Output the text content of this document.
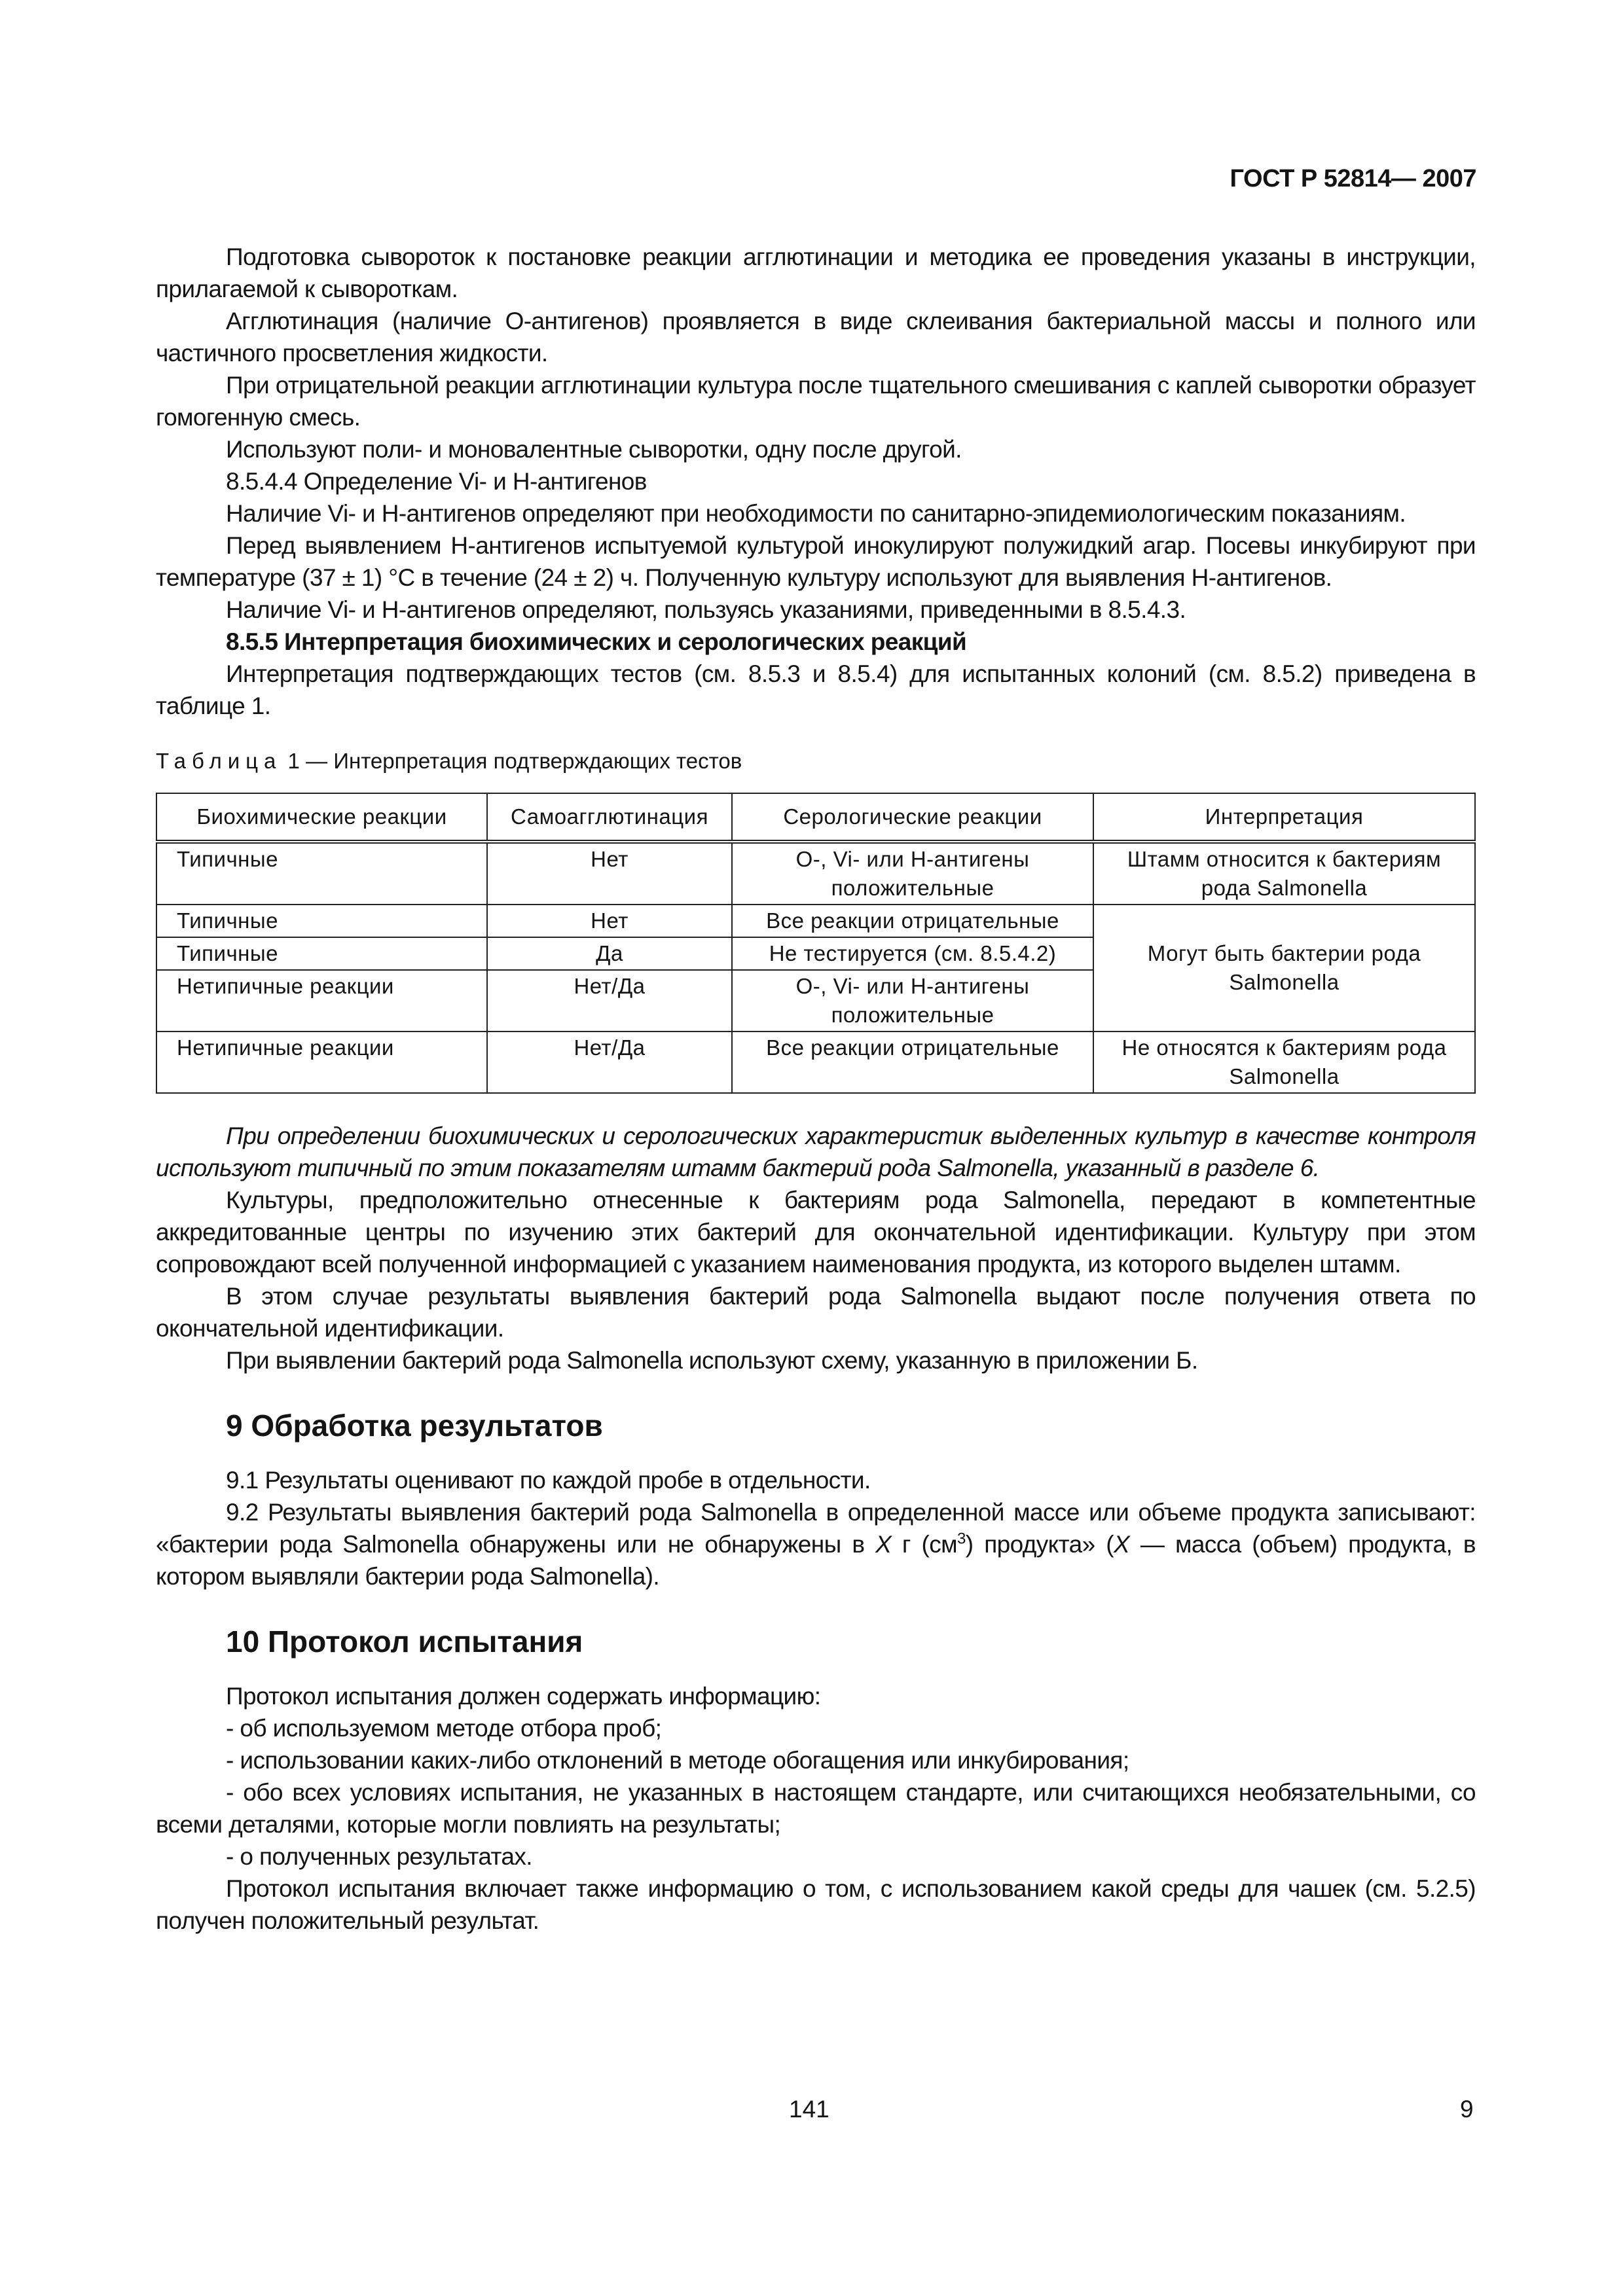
ГОСТ Р 52814— 2007

Подготовка сывороток к постановке реакции агглютинации и методика ее проведения указаны в инструкции, прилагаемой к сывороткам.

Агглютинация (наличие О-антигенов) проявляется в виде склеивания бактериальной массы и полного или частичного просветления жидкости.

При отрицательной реакции агглютинации культура после тщательного смешивания с каплей сыворотки образует гомогенную смесь.

Используют поли- и моновалентные сыворотки, одну после другой.

8.5.4.4 Определение Vi- и Н-антигенов

Наличие Vi- и Н-антигенов определяют при необходимости по санитарно-эпидемиологическим показаниям.

Перед выявлением Н-антигенов испытуемой культурой инокулируют полужидкий агар. Посевы инкубируют при температуре (37 ± 1) °С в течение (24 ± 2) ч. Полученную культуру используют для выявления Н-антигенов.

Наличие Vi- и Н-антигенов определяют, пользуясь указаниями, приведенными в 8.5.4.3.

8.5.5 Интерпретация биохимических и серологических реакций

Интерпретация подтверждающих тестов (см. 8.5.3 и 8.5.4) для испытанных колоний (см. 8.5.2) приведена в таблице 1.

Таблица 1 — Интерпретация подтверждающих тестов

Биохимические реакции	Самоагглютинация	Серологические реакции	Интерпретация
Типичные	Нет	О-, Vi- или Н-антигены положительные	Штамм относится к бактериям рода Salmonella
Типичные	Нет	Все реакции отрицательные	Могут быть бактерии рода Salmonella
Типичные	Да	Не тестируется (см. 8.5.4.2)	
Нетипичные реакции	Нет/Да	О-, Vi- или Н-антигены положительные	
Нетипичные реакции	Нет/Да	Все реакции отрицательные	Не относятся к бактериям рода Salmonella

При определении биохимических и серологических характеристик выделенных культур в качестве контроля используют типичный по этим показателям штамм бактерий рода Salmonella, указанный в разделе 6.

Культуры, предположительно отнесенные к бактериям рода Salmonella, передают в компетентные аккредитованные центры по изучению этих бактерий для окончательной идентификации. Культуру при этом сопровождают всей полученной информацией с указанием наименования продукта, из которого выделен штамм.

В этом случае результаты выявления бактерий рода Salmonella выдают после получения ответа по окончательной идентификации.

При выявлении бактерий рода Salmonella используют схему, указанную в приложении Б.

9 Обработка результатов

9.1 Результаты оценивают по каждой пробе в отдельности.

9.2 Результаты выявления бактерий рода Salmonella в определенной массе или объеме продукта записывают: «бактерии рода Salmonella обнаружены или не обнаружены в X г $(см^3)$ продукта» (X — масса (объем) продукта, в котором выявляли бактерии рода Salmonella).

10 Протокол испытания

Протокол испытания должен содержать информацию:

- об используемом методе отбора проб;

- использовании каких-либо отклонений в методе обогащения или инкубирования;

- обо всех условиях испытания, не указанных в настоящем стандарте, или считающихся необязательными, со всеми деталями, которые могли повлиять на результаты;

- о полученных результатах.

Протокол испытания включает также информацию о том, с использованием какой среды для чашек (см. 5.2.5) получен положительный результат.

141	9
